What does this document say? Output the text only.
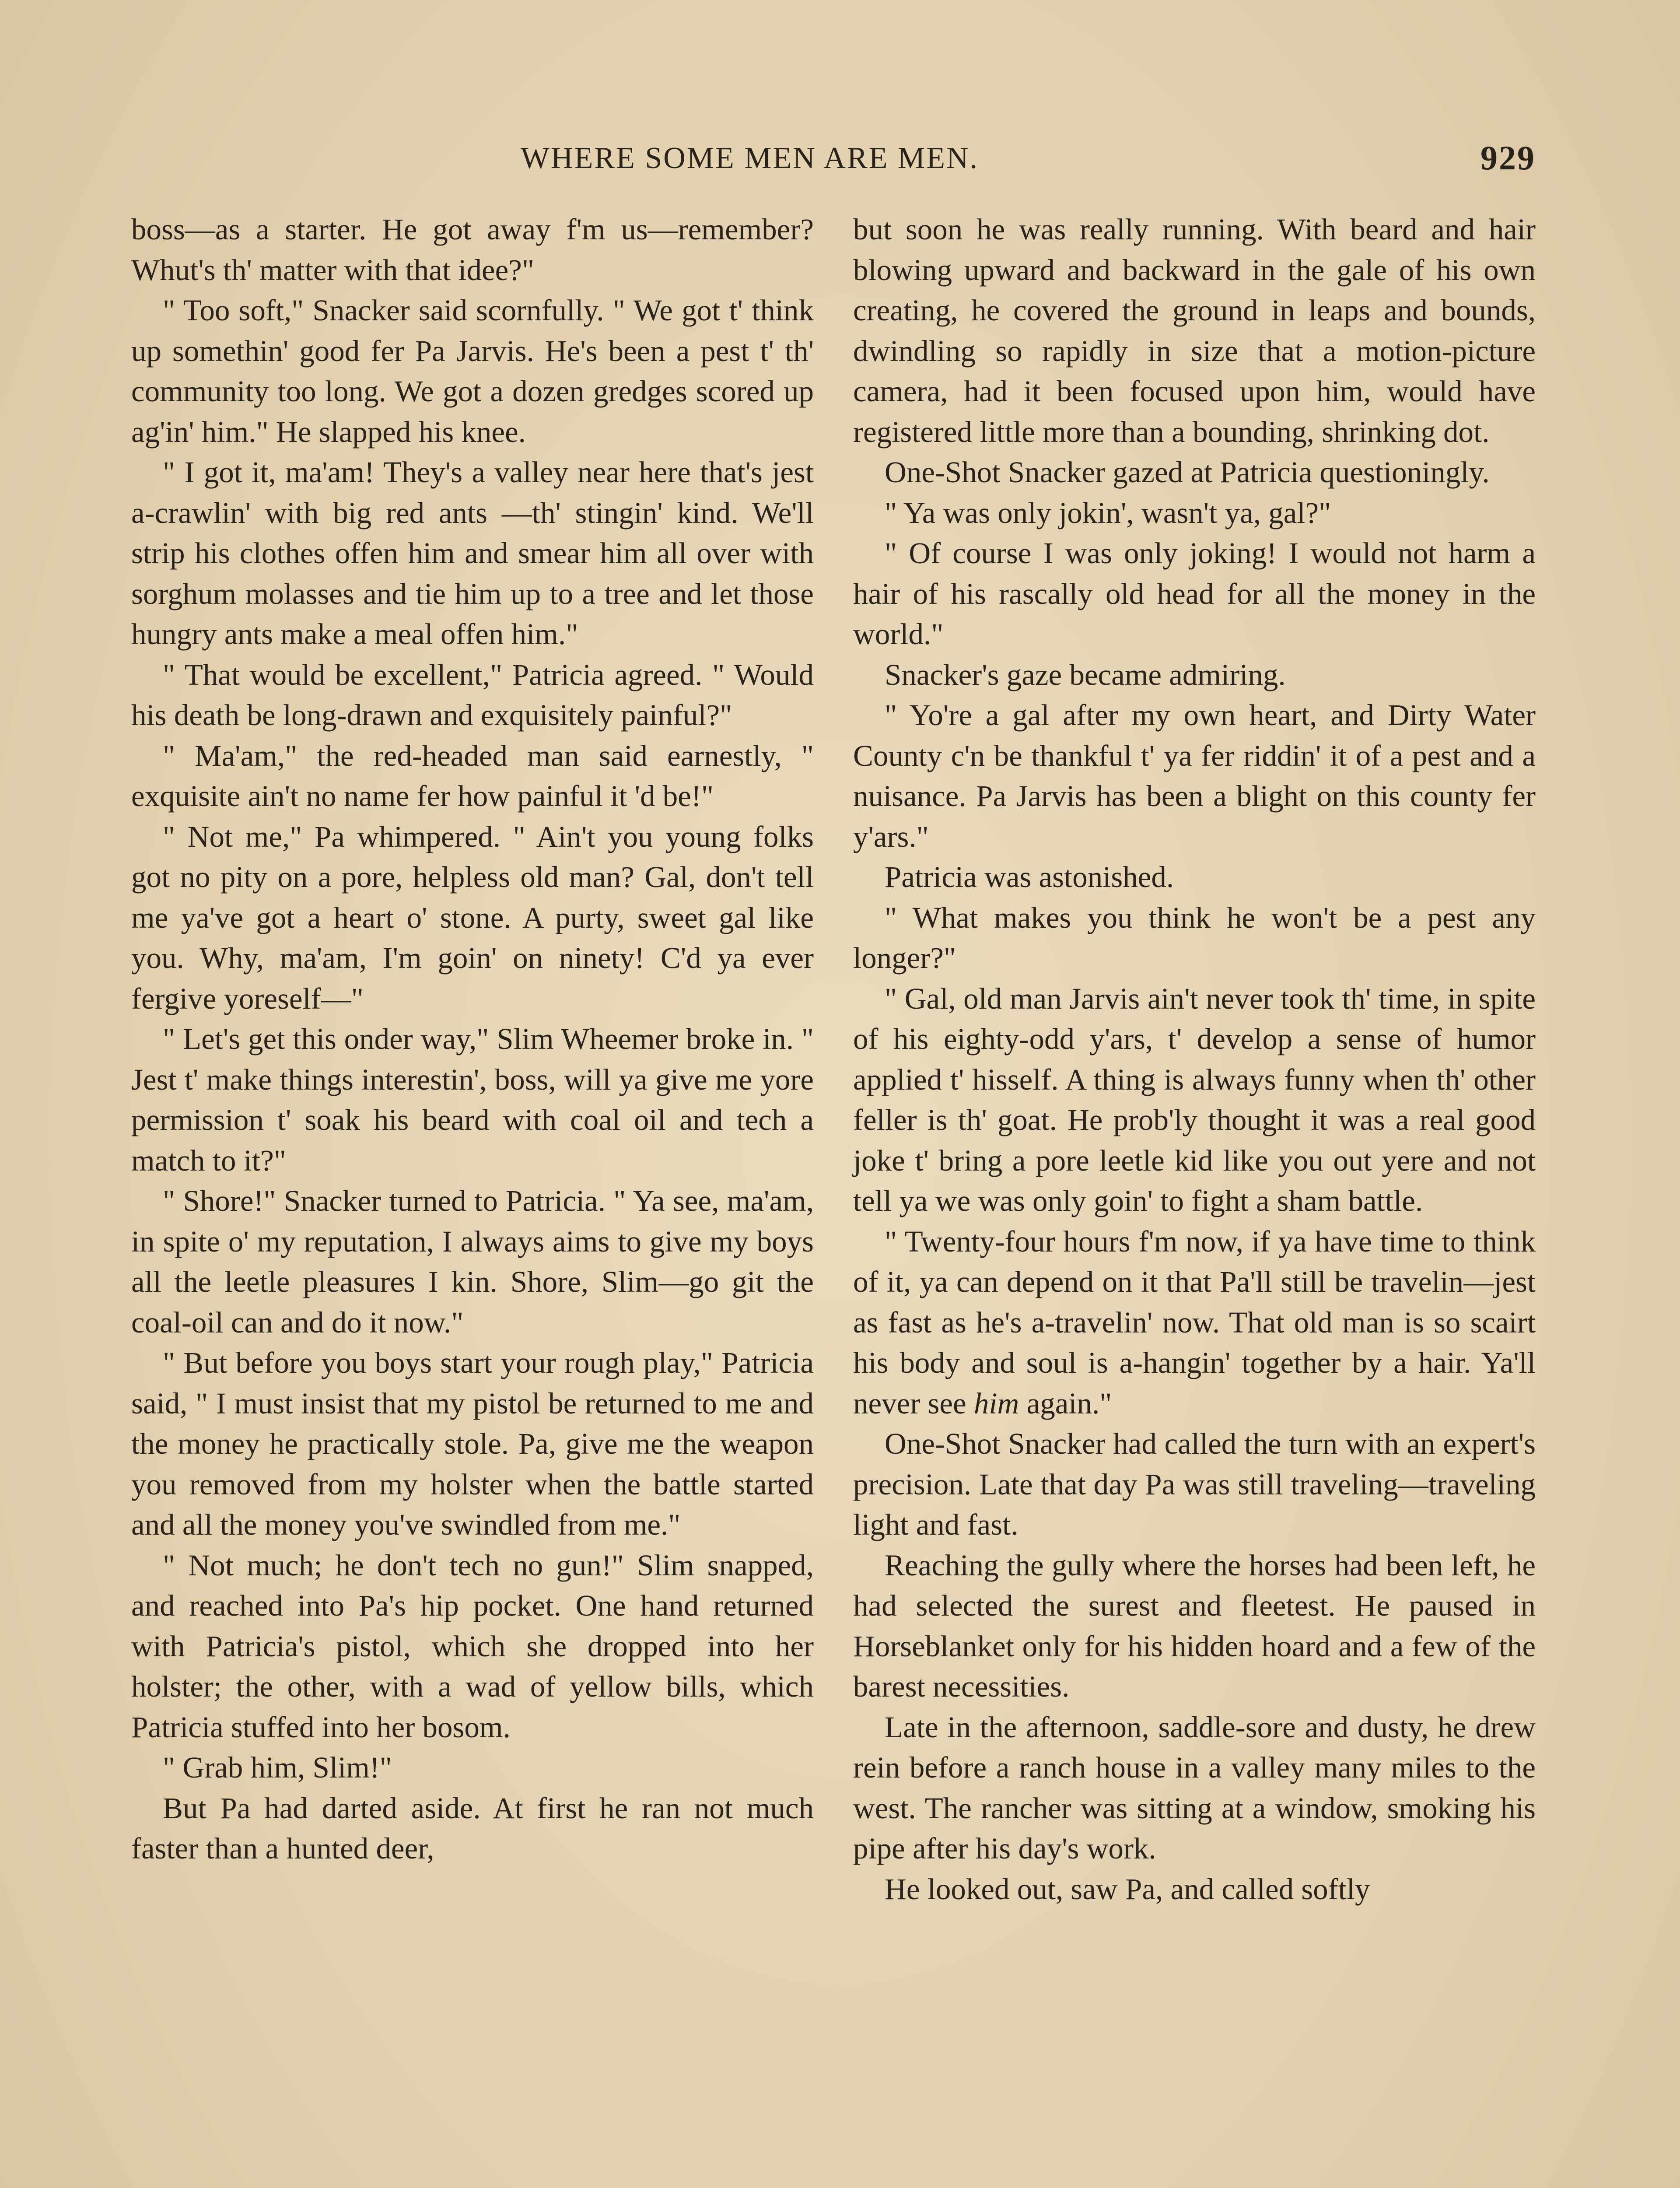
WHERE SOME MEN ARE MEN.	929

boss—as a starter. He got away f'm us—remember? Whut's th' matter with that idee?"

" Too soft," Snacker said scornfully. " We got t' think up somethin' good fer Pa Jarvis. He's been a pest t' th' community too long. We got a dozen gredges scored up ag'in' him." He slapped his knee.

" I got it, ma'am! They's a valley near here that's jest a-crawlin' with big red ants —th' stingin' kind. We'll strip his clothes offen him and smear him all over with sorghum molasses and tie him up to a tree and let those hungry ants make a meal offen him."

" That would be excellent," Patricia agreed. " Would his death be long-drawn and exquisitely painful?"

" Ma'am," the red-headed man said earnestly, " exquisite ain't no name fer how painful it 'd be!"

" Not me," Pa whimpered. " Ain't you young folks got no pity on a pore, helpless old man? Gal, don't tell me ya've got a heart o' stone. A purty, sweet gal like you. Why, ma'am, I'm goin' on ninety! C'd ya ever fergive yoreself—"

" Let's get this onder way," Slim Wheemer broke in. " Jest t' make things interestin', boss, will ya give me yore permission t' soak his beard with coal oil and tech a match to it?"

" Shore!" Snacker turned to Patricia. " Ya see, ma'am, in spite o' my reputation, I always aims to give my boys all the leetle pleasures I kin. Shore, Slim—go git the coal-oil can and do it now."

" But before you boys start your rough play," Patricia said, " I must insist that my pistol be returned to me and the money he practically stole. Pa, give me the weapon you removed from my holster when the battle started and all the money you've swindled from me."

" Not much; he don't tech no gun!" Slim snapped, and reached into Pa's hip pocket. One hand returned with Patricia's pistol, which she dropped into her holster; the other, with a wad of yellow bills, which Patricia stuffed into her bosom.

" Grab him, Slim!"

But Pa had darted aside. At first he ran not much faster than a hunted deer,

but soon he was really running. With beard and hair blowing upward and backward in the gale of his own creating, he covered the ground in leaps and bounds, dwindling so rapidly in size that a motion-picture camera, had it been focused upon him, would have registered little more than a bounding, shrinking dot.

One-Shot Snacker gazed at Patricia questioningly.

" Ya was only jokin', wasn't ya, gal?"

" Of course I was only joking! I would not harm a hair of his rascally old head for all the money in the world."

Snacker's gaze became admiring.

" Yo're a gal after my own heart, and Dirty Water County c'n be thankful t' ya fer riddin' it of a pest and a nuisance. Pa Jarvis has been a blight on this county fer y'ars."

Patricia was astonished.

" What makes you think he won't be a pest any longer?"

" Gal, old man Jarvis ain't never took th' time, in spite of his eighty-odd y'ars, t' develop a sense of humor applied t' hisself. A thing is always funny when th' other feller is th' goat. He prob'ly thought it was a real good joke t' bring a pore leetle kid like you out yere and not tell ya we was only goin' to fight a sham battle.

" Twenty-four hours f'm now, if ya have time to think of it, ya can depend on it that Pa'll still be travelin—jest as fast as he's a-travelin' now. That old man is so scairt his body and soul is a-hangin' together by a hair. Ya'll never see him again."

One-Shot Snacker had called the turn with an expert's precision. Late that day Pa was still traveling—traveling light and fast.

Reaching the gully where the horses had been left, he had selected the surest and fleetest. He paused in Horseblanket only for his hidden hoard and a few of the barest necessities.

Late in the afternoon, saddle-sore and dusty, he drew rein before a ranch house in a valley many miles to the west. The rancher was sitting at a window, smoking his pipe after his day's work.

He looked out, saw Pa, and called softly
